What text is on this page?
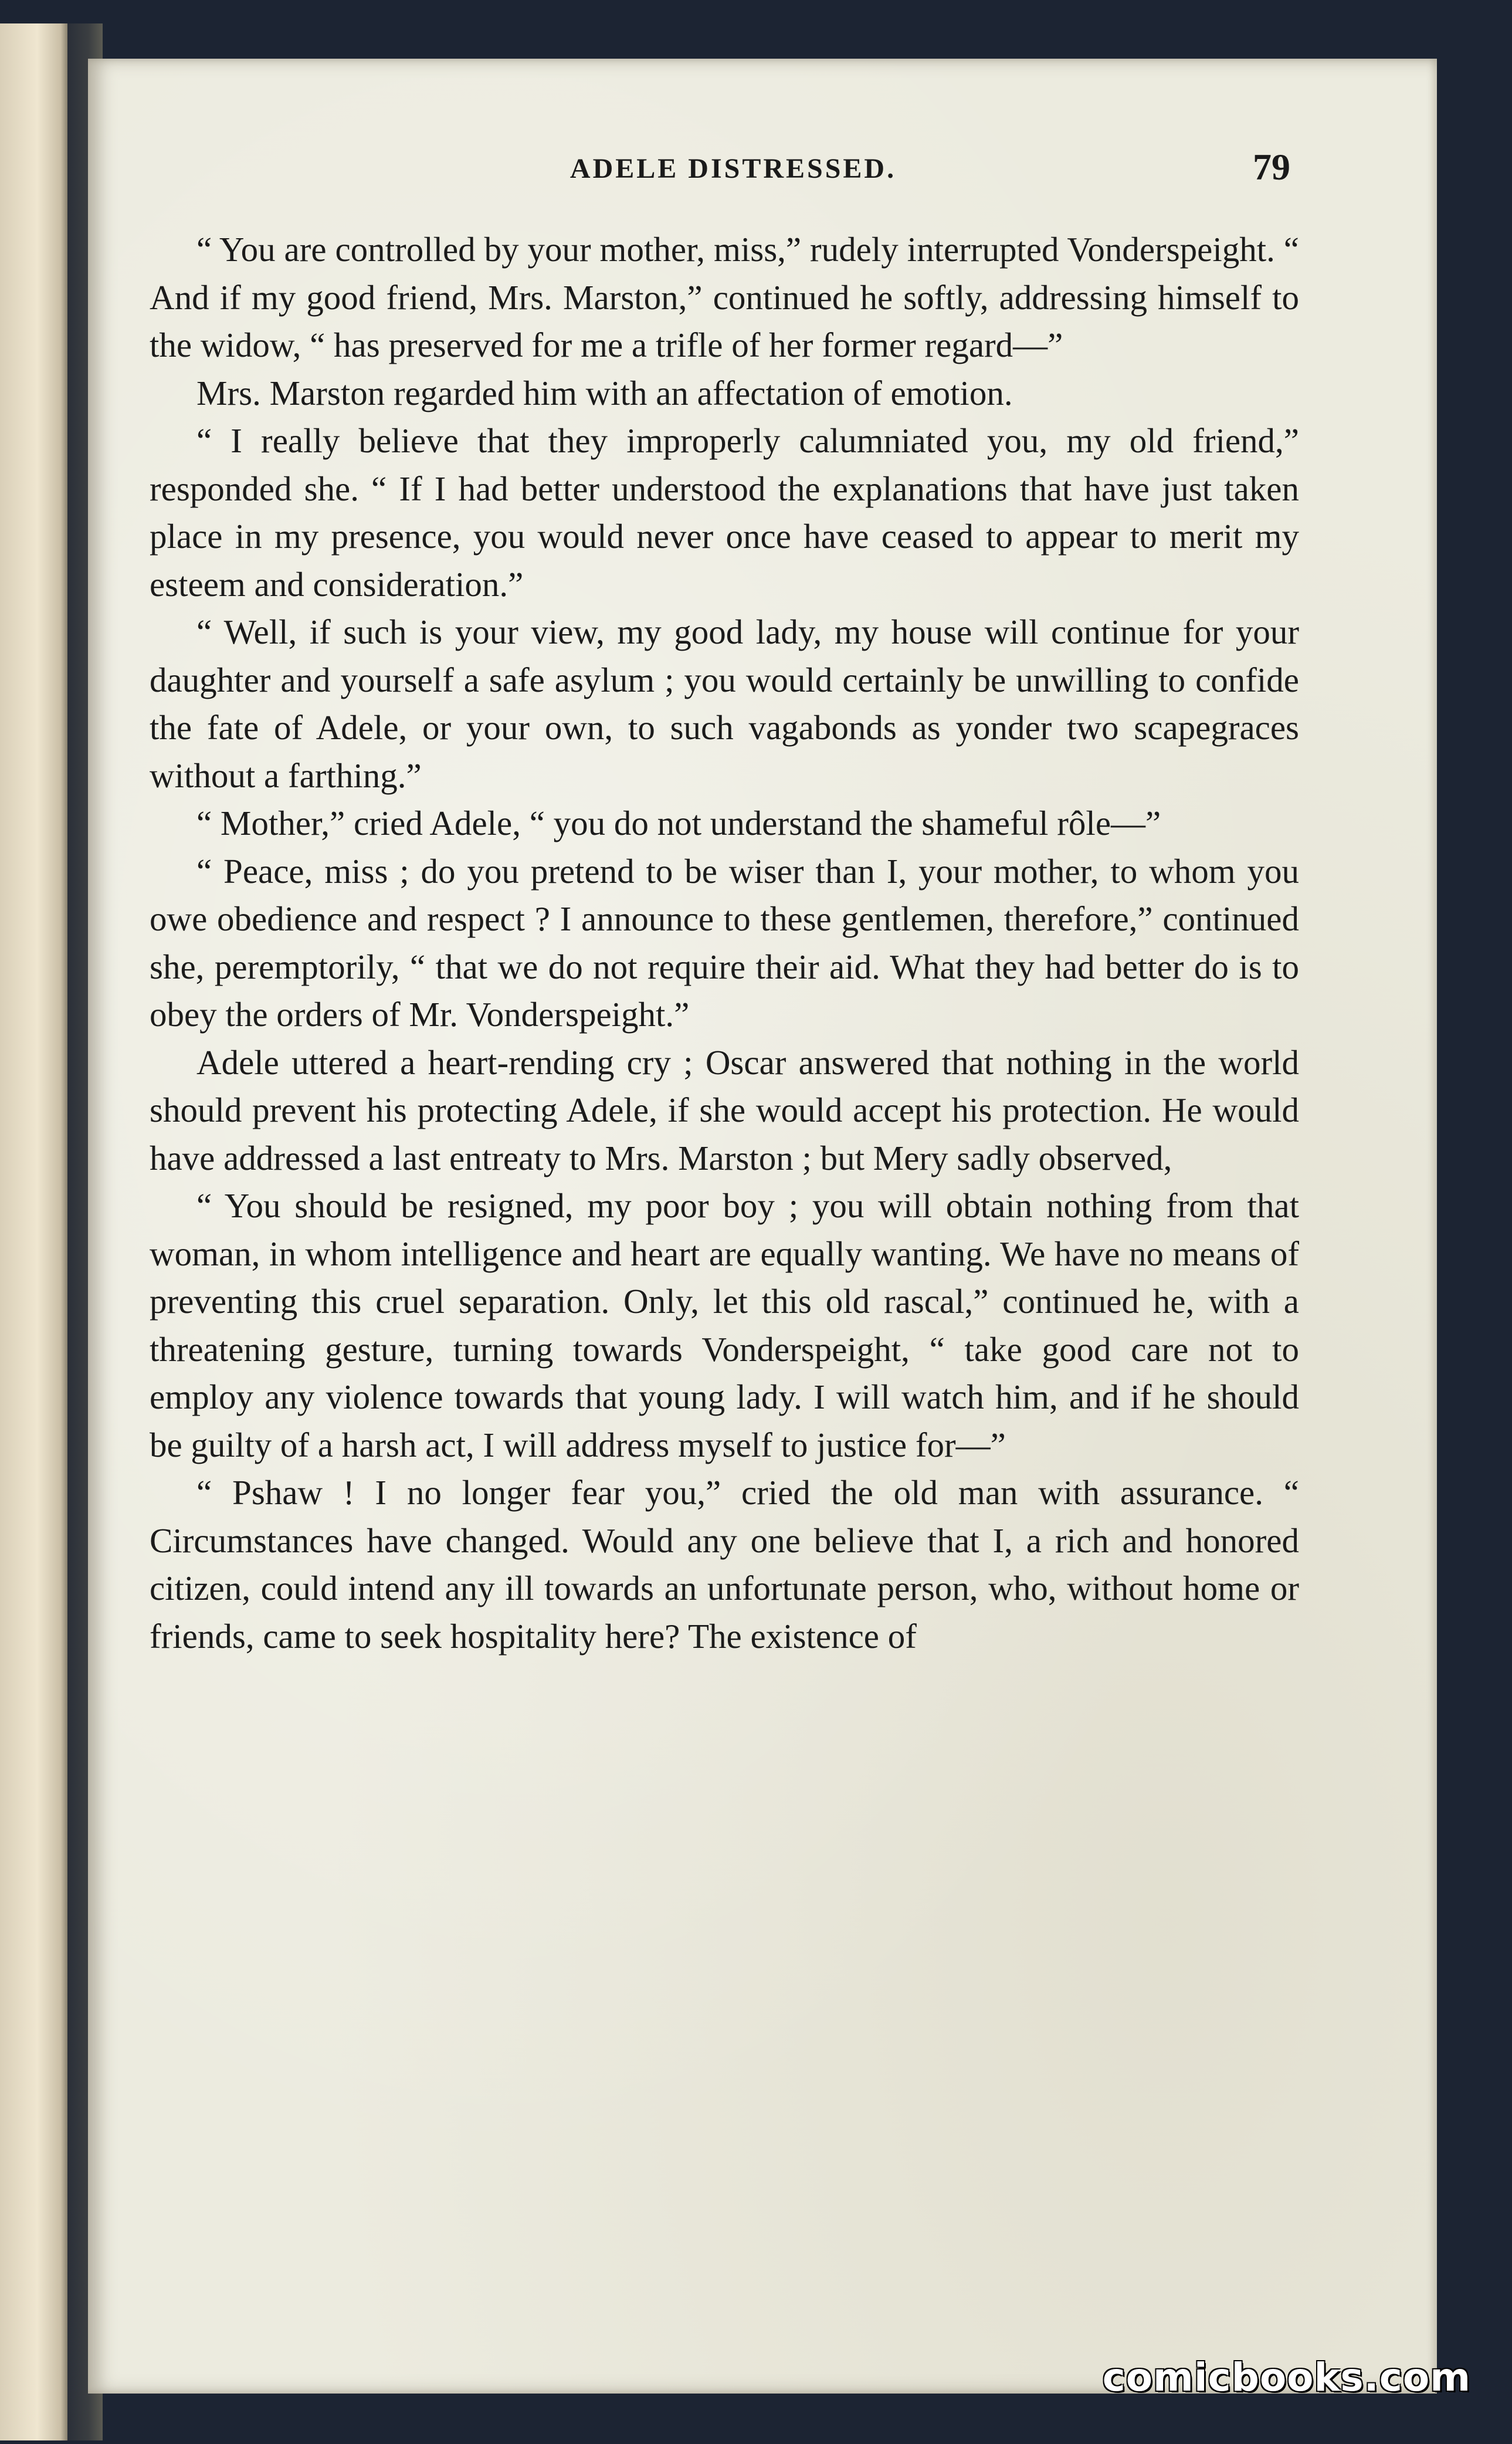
ADELE DISTRESSED.	79

“ You are controlled by your mother, miss,” rudely interrupted Vonderspeight. “ And if my good friend, Mrs. Marston,” continued he softly, addressing himself to the widow, “ has preserved for me a trifle of her former regard—”

Mrs. Marston regarded him with an affectation of emotion.

“ I really believe that they improperly calumniated you, my old friend,” responded she. “ If I had better understood the explanations that have just taken place in my presence, you would never once have ceased to appear to merit my esteem and consideration.”

“ Well, if such is your view, my good lady, my house will continue for your daughter and yourself a safe asylum ; you would certainly be unwilling to confide the fate of Adele, or your own, to such vagabonds as yonder two scapegraces without a farthing.”

“ Mother,” cried Adele, “ you do not understand the shameful rôle—”

“ Peace, miss ; do you pretend to be wiser than I, your mother, to whom you owe obedience and respect ? I announce to these gentlemen, therefore,” continued she, peremptorily, “ that we do not require their aid. What they had better do is to obey the orders of Mr. Vonderspeight.”

Adele uttered a heart-rending cry ; Oscar answered that nothing in the world should prevent his protecting Adele, if she would accept his protection. He would have addressed a last entreaty to Mrs. Marston ; but Mery sadly observed,

“ You should be resigned, my poor boy ; you will obtain nothing from that woman, in whom intelligence and heart are equally wanting. We have no means of preventing this cruel separation. Only, let this old rascal,” continued he, with a threatening gesture, turning towards Vonderspeight, “ take good care not to employ any violence towards that young lady. I will watch him, and if he should be guilty of a harsh act, I will address myself to justice for—”

“ Pshaw ! I no longer fear you,” cried the old man with assurance. “ Circumstances have changed. Would any one believe that I, a rich and honored citizen, could intend any ill towards an unfortunate person, who, without home or friends, came to seek hospitality here? The existence of

comicbooks.com
